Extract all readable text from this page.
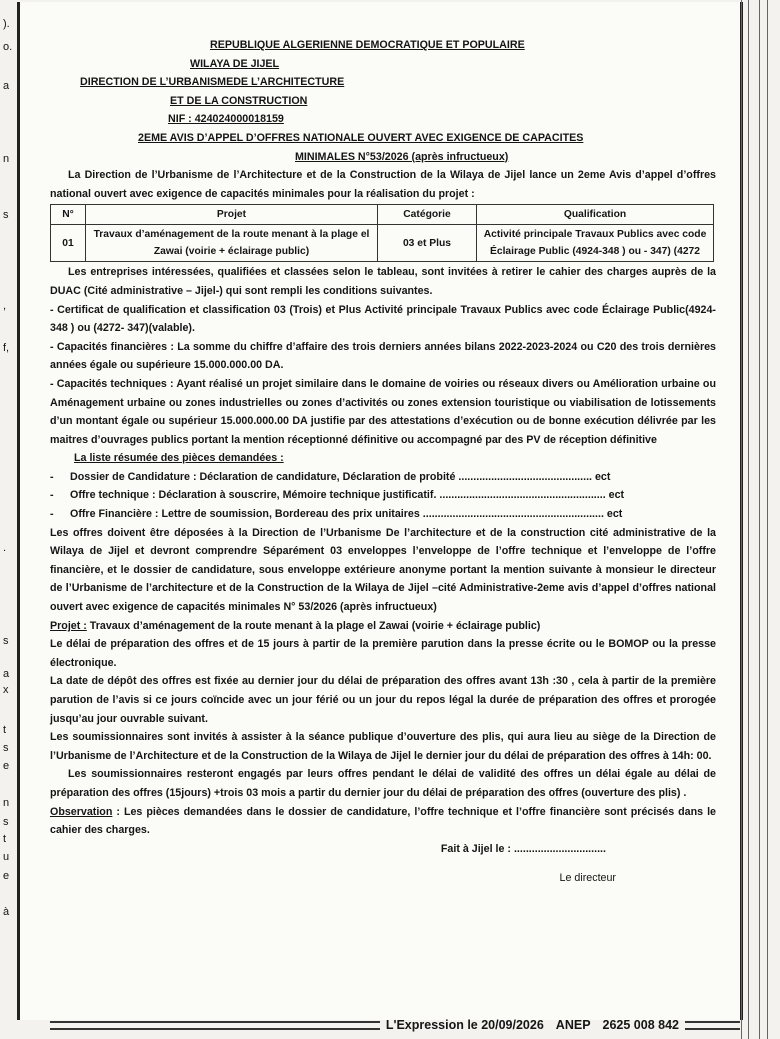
).
o.
a
n
s
,
f,
.
s
a
x
t
s
e
n
s
t
u
e
à
REPUBLIQUE ALGERIENNE DEMOCRATIQUE ET POPULAIRE
WILAYA DE JIJEL
DIRECTION DE L’URBANISMEDE L’ARCHITECTURE
ET DE LA CONSTRUCTION
NIF : 424024000018159
2EME AVIS D’APPEL D’OFFRES NATIONALE OUVERT AVEC EXIGENCE DE CAPACITES
MINIMALES N°53/2026 (après infructueux)

La Direction de l’Urbanisme de l’Architecture et de la Construction de la Wilaya de Jijel lance un 2eme Avis d’appel d’offres national ouvert avec exigence de capacités minimales pour la réalisation du projet :

N°	Projet	Catégorie	Qualification
01	Travaux d’aménagement de la route menant à la plage el Zawai (voirie + éclairage public)	03 et Plus	Activité principale Travaux Publics avec code Éclairage Public (4924-348 ) ou - 347) (4272

Les entreprises intéressées, qualifiées et classées selon le tableau, sont invitées à retirer le cahier des charges auprès de la DUAC (Cité administrative – Jijel-) qui sont rempli les conditions suivantes.

- Certificat de qualification et classification 03 (Trois) et Plus Activité principale Travaux Publics avec code Éclairage Public(4924-348 ) ou (4272- 347)(valable).

- Capacités financières : La somme du chiffre d’affaire des trois derniers années bilans 2022-2023-2024 ou C20 des trois dernières années égale ou supérieure 15.000.000.00 DA.

- Capacités techniques : Ayant réalisé un projet similaire dans le domaine de voiries ou réseaux divers ou Amélioration urbaine ou Aménagement urbaine ou zones industrielles ou zones d’activités ou zones extension touristique ou viabilisation de lotissements d’un montant égale ou supérieur 15.000.000.00 DA justifie par des attestations d’exécution ou de bonne exécution délivrée par les maitres d’ouvrages publics portant la mention réceptionné définitive ou accompagné par des PV de réception définitive

La liste résumée des pièces demandées :

-	Dossier de Candidature : Déclaration de candidature, Déclaration de probité ............................................. ect
-	Offre technique : Déclaration à souscrire, Mémoire technique justificatif. ........................................................ ect
-	Offre Financière : Lettre de soumission, Bordereau des prix unitaires ............................................................. ect

Les offres doivent être déposées à la Direction de l’Urbanisme De l’architecture et de la construction cité administrative de la Wilaya de Jijel et devront comprendre Séparément 03 enveloppes l’enveloppe de l’offre technique et l’enveloppe de l’offre financière, et le dossier de candidature, sous enveloppe extérieure anonyme portant la mention suivante à monsieur le directeur de l’Urbanisme de l’architecture et de la Construction de la Wilaya de Jijel –cité Administrative-2eme avis d’appel d’offres national ouvert avec exigence de capacités minimales N° 53/2026 (après infructueux)

Projet : Travaux d’aménagement de la route menant à la plage el Zawai (voirie + éclairage public)

Le délai de préparation des offres et de 15 jours à partir de la première parution dans la presse écrite ou le BOMOP ou la presse électronique.

La date de dépôt des offres est fixée au dernier jour du délai de préparation des offres avant 13h :30 , cela à partir de la première parution de l’avis si ce jours coïncide avec un jour férié ou un jour du repos légal la durée de préparation des offres et prorogée jusqu’au jour ouvrable suivant.

Les soumissionnaires sont invités à assister à la séance publique d’ouverture des plis, qui aura lieu au siège de la Direction de l’Urbanisme de l’Architecture et de la Construction de la Wilaya de Jijel le dernier jour du délai de préparation des offres à 14h: 00.

Les soumissionnaires resteront engagés par leurs offres pendant le délai de validité des offres un délai égale au délai de préparation des offres (15jours) +trois 03 mois a partir du dernier jour du délai de préparation des offres (ouverture des plis) .

Observation : Les pièces demandées dans le dossier de candidature, l’offre technique et l’offre financière sont précisés dans le cahier des charges.

Fait à Jijel le : ...............................
Le directeur
L'Expression le 20/09/2026 ANEP 2625 008 842
